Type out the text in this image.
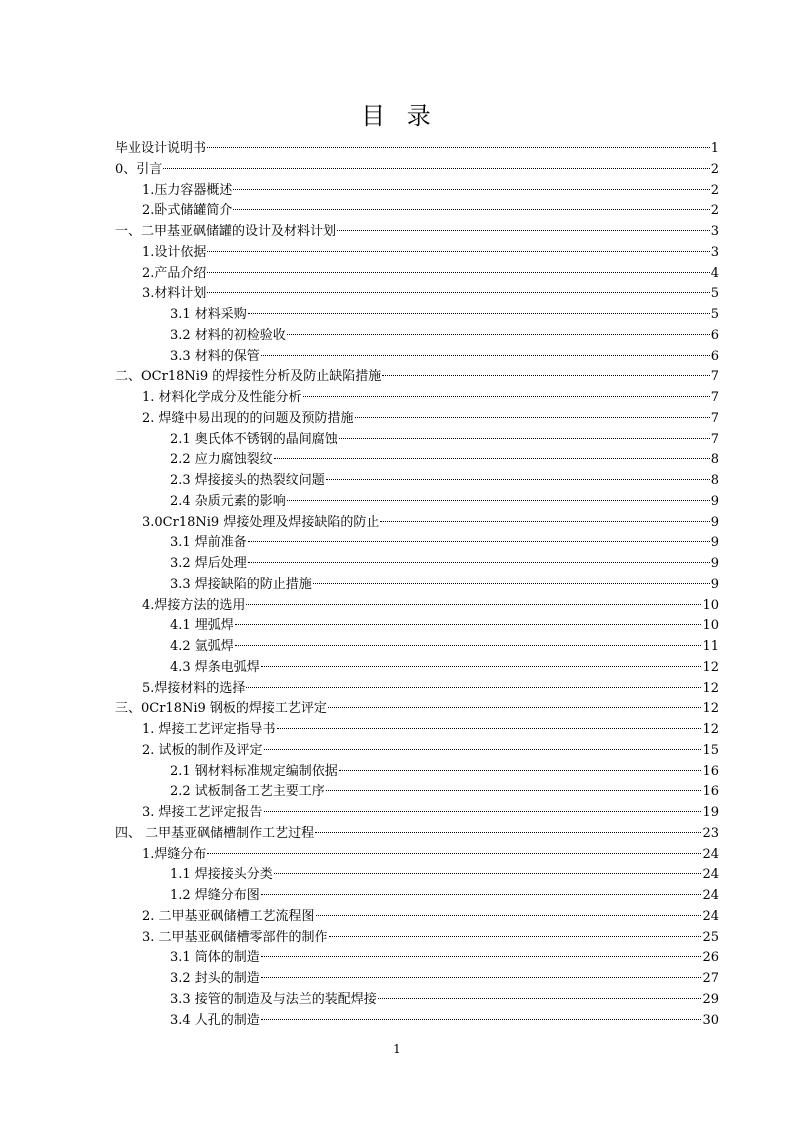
目 录
毕业设计说明书	1
0、引言	2
1.压力容器概述	2
2.卧式储罐简介	2
一、二甲基亚砜储罐的设计及材料计划	3
1.设计依据	3
2.产品介绍	4
3.材料计划	5
3.1 材料采购	5
3.2 材料的初检验收	6
3.3 材料的保管	6
二、OCr18Ni9 的焊接性分析及防止缺陷措施	7
1. 材料化学成分及性能分析	7
2. 焊缝中易出现的的问题及预防措施	7
2.1 奥氏体不锈钢的晶间腐蚀	7
2.2 应力腐蚀裂纹	8
2.3 焊接接头的热裂纹问题	8
2.4 杂质元素的影响	9
3.0Cr18Ni9 焊接处理及焊接缺陷的防止	9
3.1 焊前准备	9
3.2 焊后处理	9
3.3 焊接缺陷的防止措施	9
4.焊接方法的选用	10
4.1 埋弧焊	10
4.2 氩弧焊	11
4.3 焊条电弧焊	12
5.焊接材料的选择	12
三、0Cr18Ni9 钢板的焊接工艺评定	12
1. 焊接工艺评定指导书	12
2. 试板的制作及评定	15
2.1 钢材料标准规定编制依据	16
2.2 试板制备工艺主要工序	16
3. 焊接工艺评定报告	19
四、 二甲基亚砜储槽制作工艺过程	23
1.焊缝分布	24
1.1 焊接接头分类	24
1.2 焊缝分布图	24
2. 二甲基亚砜储槽工艺流程图	24
3. 二甲基亚砜储槽零部件的制作	25
3.1 筒体的制造	26
3.2 封头的制造	27
3.3 接管的制造及与法兰的装配焊接	29
3.4 人孔的制造	30
1
